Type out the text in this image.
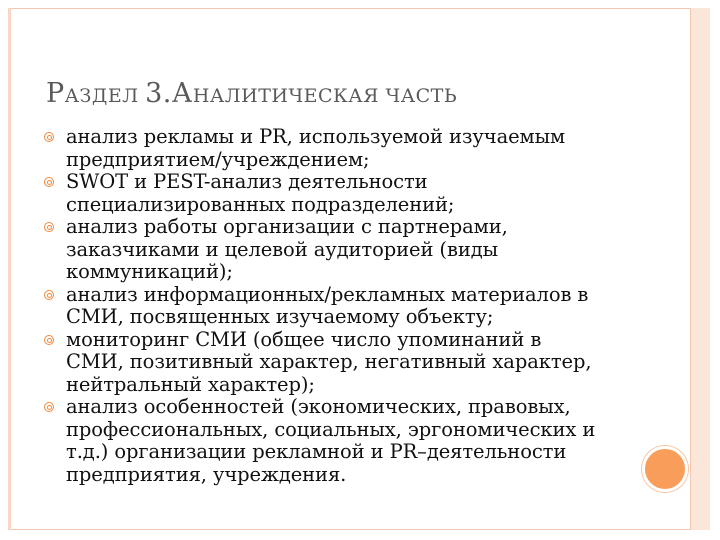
РАЗДЕЛ 3.АНАЛИТИЧЕСКАЯ ЧАСТЬ
анализ рекламы и PR, используемой изучаемым
предприятием/учреждением;
SWOT и PEST-анализ деятельности
специализированных подразделений;
анализ работы организации с партнерами,
заказчиками и целевой аудиторией (виды
коммуникаций);
анализ информационных/рекламных материалов в
СМИ, посвященных изучаемому объекту;
мониторинг СМИ (общее число упоминаний в
СМИ, позитивный характер, негативный характер,
нейтральный характер);
анализ особенностей (экономических, правовых,
профессиональных, социальных, эргономических и
т.д.) организации рекламной и PR–деятельности
предприятия, учреждения.
